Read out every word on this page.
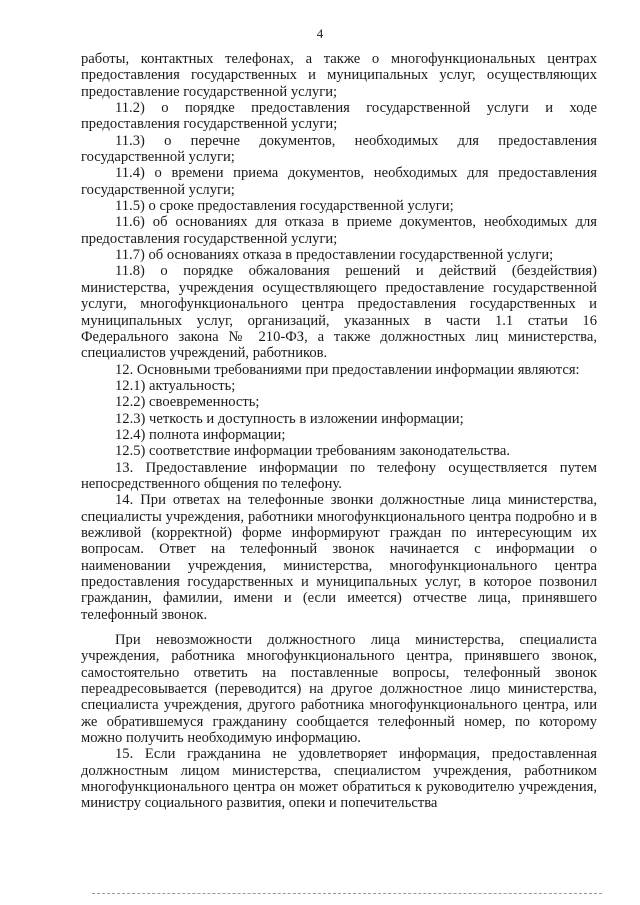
4

работы, контактных телефонах, а также о многофункциональных центрах предоставления государственных и муниципальных услуг, осуществляющих предоставление государственной услуги;

11.2) о порядке предоставления государственной услуги и ходе предоставления государственной услуги;

11.3) о перечне документов, необходимых для предоставления государственной услуги;

11.4) о времени приема документов, необходимых для предоставления государственной услуги;

11.5) о сроке предоставления государственной услуги;

11.6) об основаниях для отказа в приеме документов, необходимых для предоставления государственной услуги;

11.7) об основаниях отказа в предоставлении государственной услуги;

11.8) о порядке обжалования решений и действий (бездействия) министерства, учреждения осуществляющего предоставление государственной услуги, многофункционального центра предоставления государственных и муниципальных услуг, организаций, указанных в части 1.1 статьи 16 Федерального закона № 210-ФЗ, а также должностных лиц министерства, специалистов учреждений, работников.

12. Основными требованиями при предоставлении информации являются:

12.1) актуальность;

12.2) своевременность;

12.3) четкость и доступность в изложении информации;

12.4) полнота информации;

12.5) соответствие информации требованиям законодательства.

13. Предоставление информации по телефону осуществляется путем непосредственного общения по телефону.

14. При ответах на телефонные звонки должностные лица министерства, специалисты учреждения, работники многофункционального центра подробно и в вежливой (корректной) форме информируют граждан по интересующим их вопросам. Ответ на телефонный звонок начинается с информации о наименовании учреждения, министерства, многофункционального центра предоставления государственных и муниципальных услуг, в которое позвонил гражданин, фамилии, имени и (если имеется) отчестве лица, принявшего телефонный звонок.

При невозможности должностного лица министерства, специалиста учреждения, работника многофункционального центра, принявшего звонок, самостоятельно ответить на поставленные вопросы, телефонный звонок переадресовывается (переводится) на другое должностное лицо министерства, специалиста учреждения, другого работника многофункционального центра, или же обратившемуся гражданину сообщается телефонный номер, по которому можно получить необходимую информацию.

15. Если гражданина не удовлетворяет информация, предоставленная должностным лицом министерства, специалистом учреждения, работником многофункционального центра он может обратиться к руководителю учреждения, министру социального развития, опеки и попечительства
